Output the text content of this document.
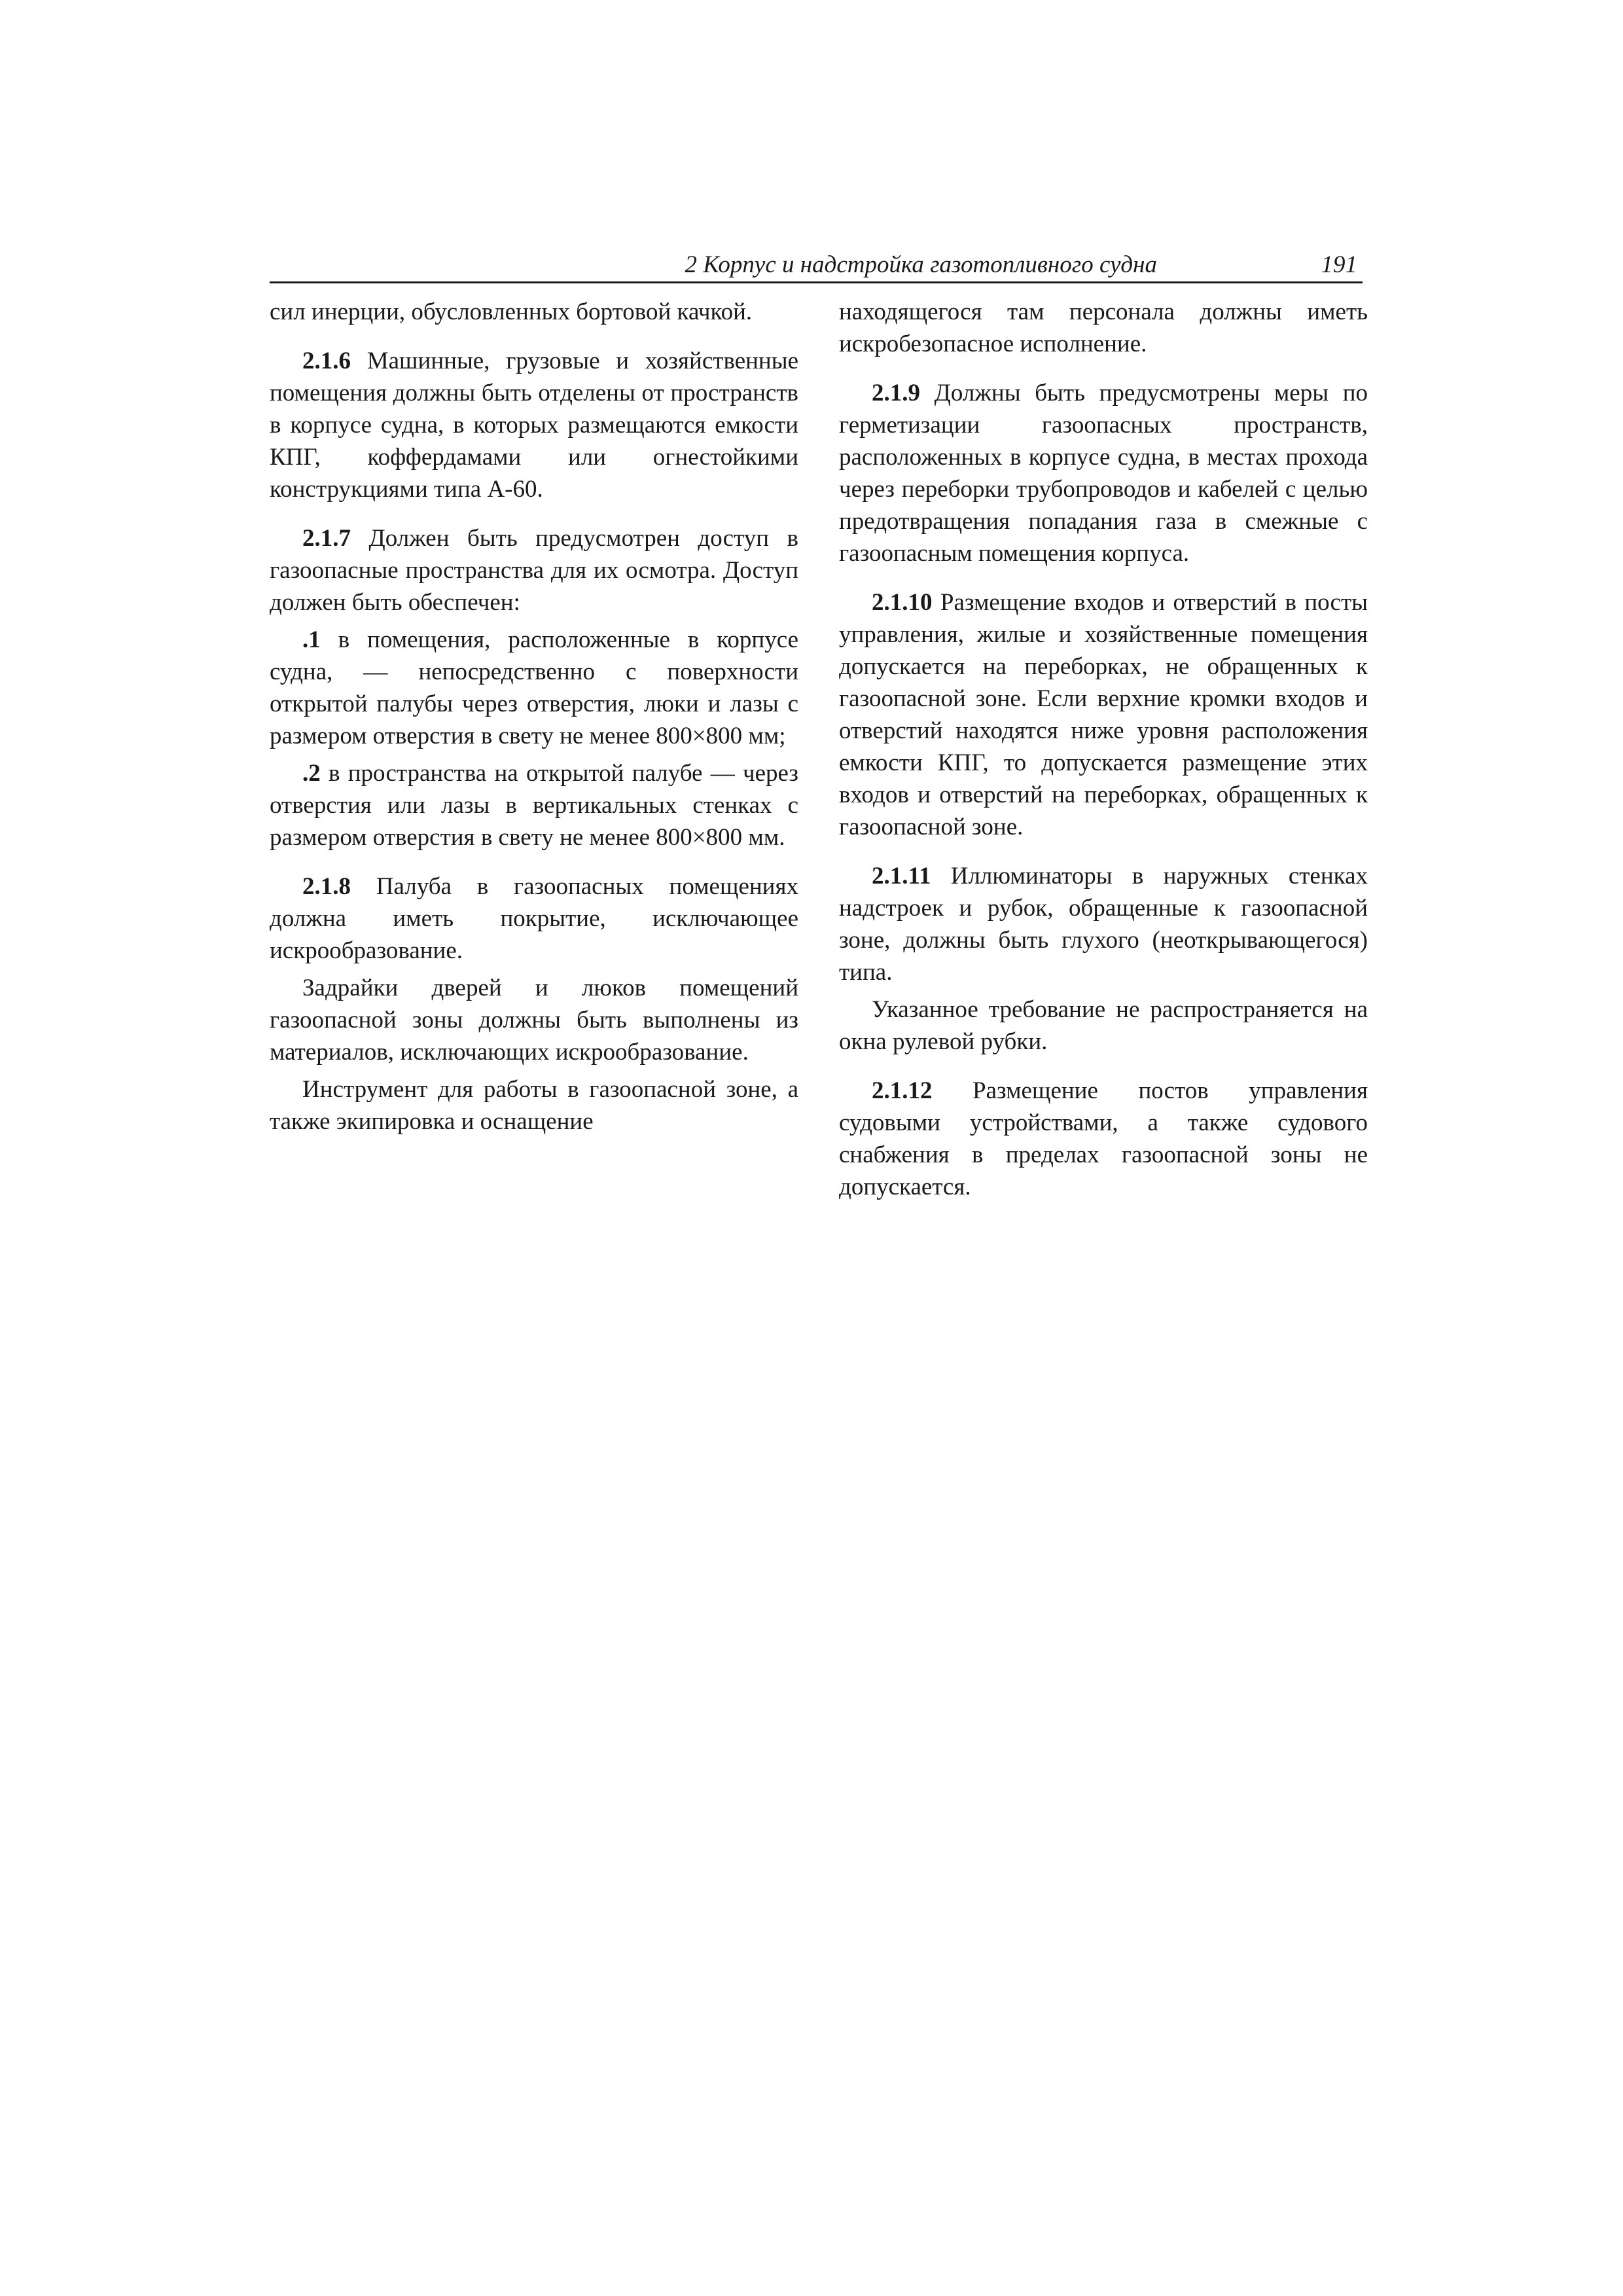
2 Корпус и надстройка газотопливного судна	191

сил инерции, обусловленных бортовой качкой.

2.1.6 Машинные, грузовые и хозяйственные помещения должны быть отделены от пространств в корпусе судна, в которых размещаются емкости КПГ, коффердамами или огнестойкими конструкциями типа А-60.

2.1.7 Должен быть предусмотрен доступ в газоопасные пространства для их осмотра. Доступ должен быть обеспечен:

.1 в помещения, расположенные в корпусе судна, — непосредственно с поверхности открытой палубы через отверстия, люки и лазы с размером отверстия в свету не менее 800×800 мм;

.2 в пространства на открытой палубе — через отверстия или лазы в вертикальных стенках с размером отверстия в свету не менее 800×800 мм.

2.1.8 Палуба в газоопасных помещениях должна иметь покрытие, исключающее искрообразование.

Задрайки дверей и люков помещений газоопасной зоны должны быть выполнены из материалов, исключающих искрообразование.

Инструмент для работы в газоопасной зоне, а также экипировка и оснащение

находящегося там персонала должны иметь искробезопасное исполнение.

2.1.9 Должны быть предусмотрены меры по герметизации газоопасных пространств, расположенных в корпусе судна, в местах прохода через переборки трубопроводов и кабелей с целью предотвращения попадания газа в смежные с газоопасным помещения корпуса.

2.1.10 Размещение входов и отверстий в посты управления, жилые и хозяйственные помещения допускается на переборках, не обращенных к газоопасной зоне. Если верхние кромки входов и отверстий находятся ниже уровня расположения емкости КПГ, то допускается размещение этих входов и отверстий на переборках, обращенных к газоопасной зоне.

2.1.11 Иллюминаторы в наружных стенках надстроек и рубок, обращенные к газоопасной зоне, должны быть глухого (неоткрывающегося) типа.

Указанное требование не распространяется на окна рулевой рубки.

2.1.12 Размещение постов управления судовыми устройствами, а также судового снабжения в пределах газоопасной зоны не допускается.
